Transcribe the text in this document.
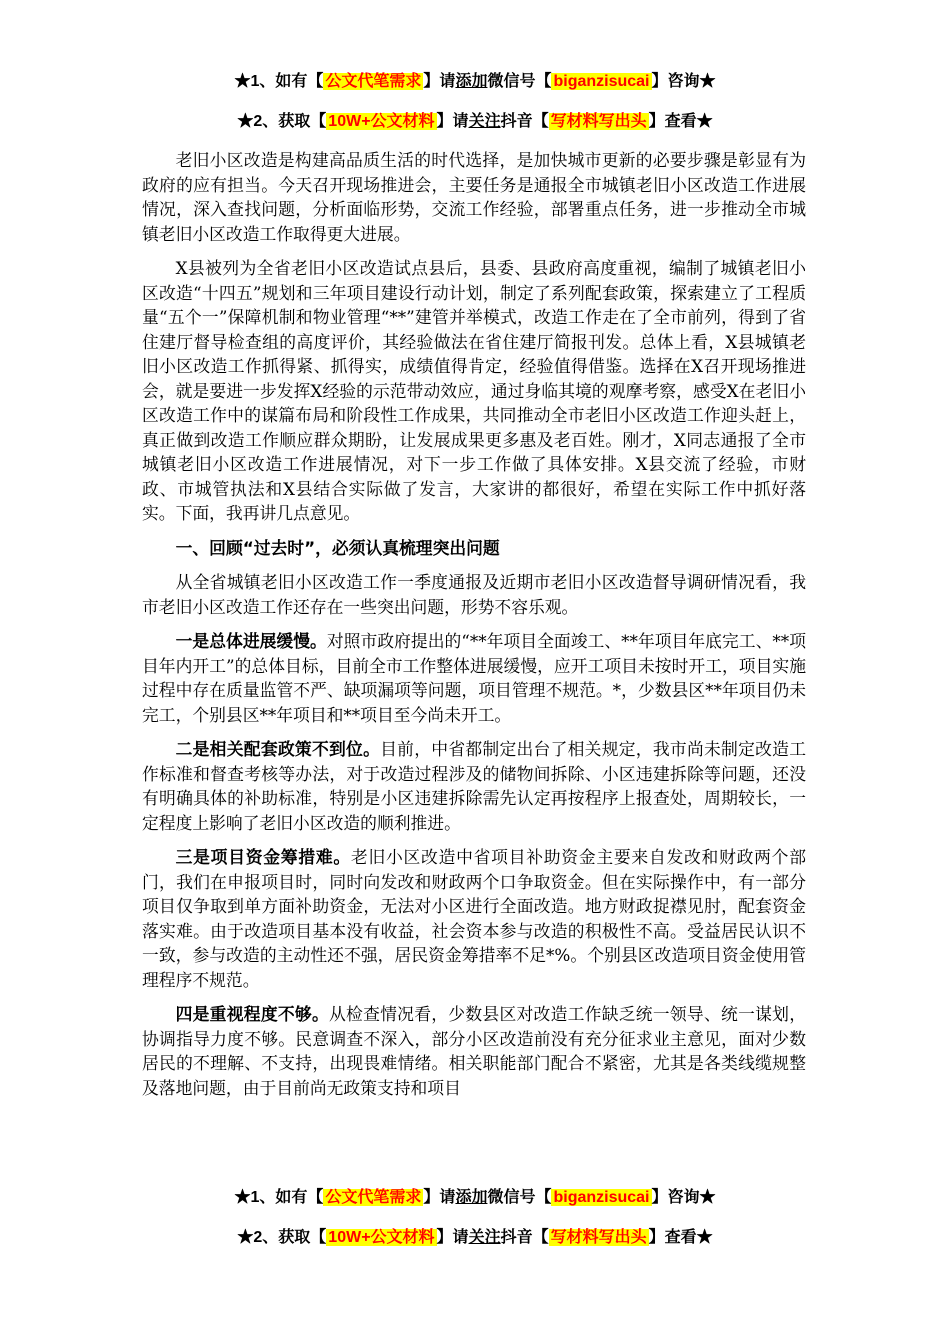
★1、如有【 公文代笔需求 】请添加微信号【 biganzisucai 】咨询★
★2、获取【 10W+公文材料 】请关注抖音【 写材料写出头 】查看★

老旧小区改造是构建高品质生活的时代选择，是加快城市更新的必要步骤是彰显有为政府的应有担当。今天召开现场推进会，主要任务是通报全市城镇老旧小区改造工作进展情况，深入查找问题，分析面临形势，交流工作经验，部署重点任务，进一步推动全市城镇老旧小区改造工作取得更大进展。

X县被列为全省老旧小区改造试点县后，县委、县政府高度重视，编制了城镇老旧小区改造“十四五”规划和三年项目建设行动计划，制定了系列配套政策，探索建立了工程质量“五个一”保障机制和物业管理“**”建管并举模式，改造工作走在了全市前列，得到了省住建厅督导检查组的高度评价，其经验做法在省住建厅简报刊发。总体上看，X县城镇老旧小区改造工作抓得紧、抓得实，成绩值得肯定，经验值得借鉴。选择在X召开现场推进会，就是要进一步发挥X经验的示范带动效应，通过身临其境的观摩考察，感受X在老旧小区改造工作中的谋篇布局和阶段性工作成果，共同推动全市老旧小区改造工作迎头赶上，真正做到改造工作顺应群众期盼，让发展成果更多惠及老百姓。刚才，X同志通报了全市城镇老旧小区改造工作进展情况，对下一步工作做了具体安排。X县交流了经验，市财政、市城管执法和X县结合实际做了发言，大家讲的都很好，希望在实际工作中抓好落实。下面，我再讲几点意见。

一、回顾“过去时”，必须认真梳理突出问题

从全省城镇老旧小区改造工作一季度通报及近期市老旧小区改造督导调研情况看，我市老旧小区改造工作还存在一些突出问题，形势不容乐观。

一是总体进展缓慢。对照市政府提出的“**年项目全面竣工、**年项目年底完工、**项目年内开工”的总体目标，目前全市工作整体进展缓慢，应开工项目未按时开工，项目实施过程中存在质量监管不严、缺项漏项等问题，项目管理不规范。*，少数县区**年项目仍未完工，个别县区**年项目和**项目至今尚未开工。

二是相关配套政策不到位。目前，中省都制定出台了相关规定，我市尚未制定改造工作标准和督查考核等办法，对于改造过程涉及的储物间拆除、小区违建拆除等问题，还没有明确具体的补助标准，特别是小区违建拆除需先认定再按程序上报查处，周期较长，一定程度上影响了老旧小区改造的顺利推进。

三是项目资金筹措难。老旧小区改造中省项目补助资金主要来自发改和财政两个部门，我们在申报项目时，同时向发改和财政两个口争取资金。但在实际操作中，有一部分项目仅争取到单方面补助资金，无法对小区进行全面改造。地方财政捉襟见肘，配套资金落实难。由于改造项目基本没有收益，社会资本参与改造的积极性不高。受益居民认识不一致，参与改造的主动性还不强，居民资金筹措率不足*%。个别县区改造项目资金使用管理程序不规范。

四是重视程度不够。从检查情况看，少数县区对改造工作缺乏统一领导、统一谋划，协调指导力度不够。民意调查不深入，部分小区改造前没有充分征求业主意见，面对少数居民的不理解、不支持，出现畏难情绪。相关职能部门配合不紧密，尤其是各类线缆规整及落地问题，由于目前尚无政策支持和项目

★1、如有【 公文代笔需求 】请添加微信号【 biganzisucai 】咨询★
★2、获取【 10W+公文材料 】请关注抖音【 写材料写出头 】查看★
